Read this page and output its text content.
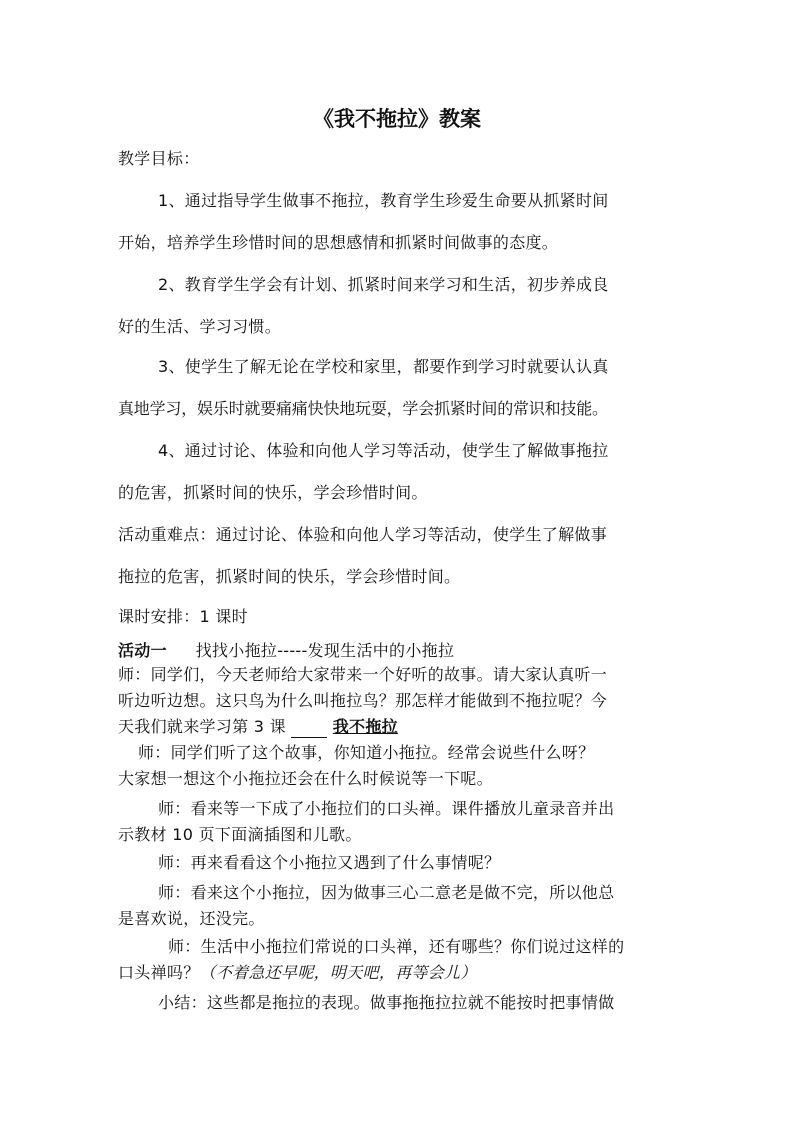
《我不拖拉》教案
教学目标：
1、通过指导学生做事不拖拉，教育学生珍爱生命要从抓紧时间
开始，培养学生珍惜时间的思想感情和抓紧时间做事的态度。
2、教育学生学会有计划、抓紧时间来学习和生活，初步养成良
好的生活、学习习惯。
3、使学生了解无论在学校和家里，都要作到学习时就要认认真
真地学习，娱乐时就要痛痛快快地玩耍，学会抓紧时间的常识和技能。
4、通过讨论、体验和向他人学习等活动，使学生了解做事拖拉
的危害，抓紧时间的快乐，学会珍惜时间。
活动重难点：通过讨论、体验和向他人学习等活动，使学生了解做事
拖拉的危害，抓紧时间的快乐，学会珍惜时间。
课时安排：1 课时
活动一 找找小拖拉-----发现生活中的小拖拉
师：同学们，今天老师给大家带来一个好听的故事。请大家认真听一
听边听边想。这只鸟为什么叫拖拉鸟？那怎样才能做到不拖拉呢？今
天我们就来学习第 3 课	我不拖拉
师：同学们听了这个故事，你知道小拖拉。经常会说些什么呀？
大家想一想这个小拖拉还会在什么时候说等一下呢。
师：看来等一下成了小拖拉们的口头禅。课件播放儿童录音并出
示教材 10 页下面滴插图和儿歌。
师：再来看看这个小拖拉又遇到了什么事情呢？
师：看来这个小拖拉，因为做事三心二意老是做不完，所以他总
是喜欢说，还没完。
师：生活中小拖拉们常说的口头禅，还有哪些？你们说过这样的
口头禅吗？（不着急还早呢，明天吧，再等会儿）
小结：这些都是拖拉的表现。做事拖拖拉拉就不能按时把事情做
